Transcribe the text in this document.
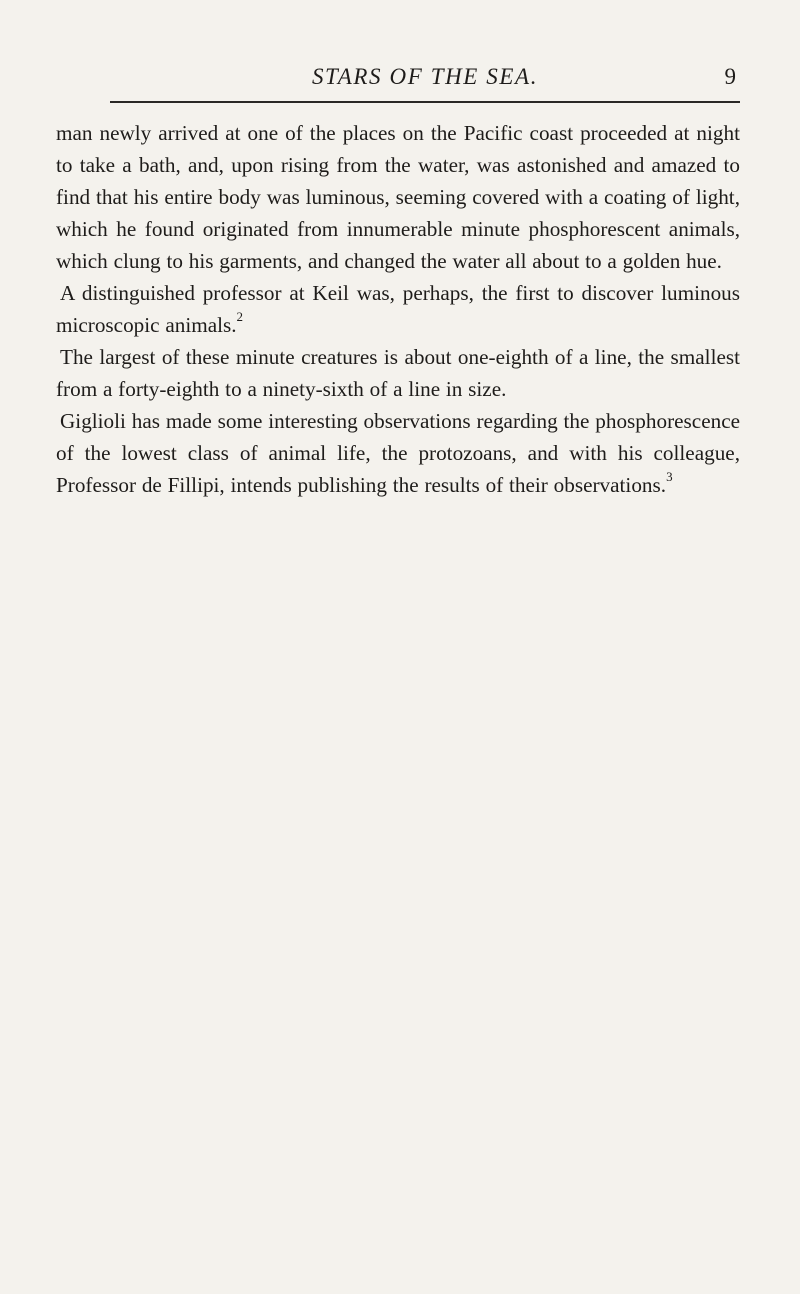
STARS OF THE SEA.	9

man newly arrived at one of the places on the Pacific coast proceeded at night to take a bath, and, upon rising from the water, was astonished and amazed to find that his entire body was luminous, seeming covered with a coating of light, which he found originated from innumerable minute phosphorescent animals, which clung to his garments, and changed the water all about to a golden hue.

A distinguished professor at Keil was, perhaps, the first to discover luminous microscopic animals.$^2$

The largest of these minute creatures is about one-eighth of a line, the smallest from a forty-eighth to a ninety-sixth of a line in size.

Giglioli has made some interesting observations regarding the phosphorescence of the lowest class of animal life, the protozoans, and with his colleague, Professor de Fillipi, intends publishing the results of their observations.$^3$
